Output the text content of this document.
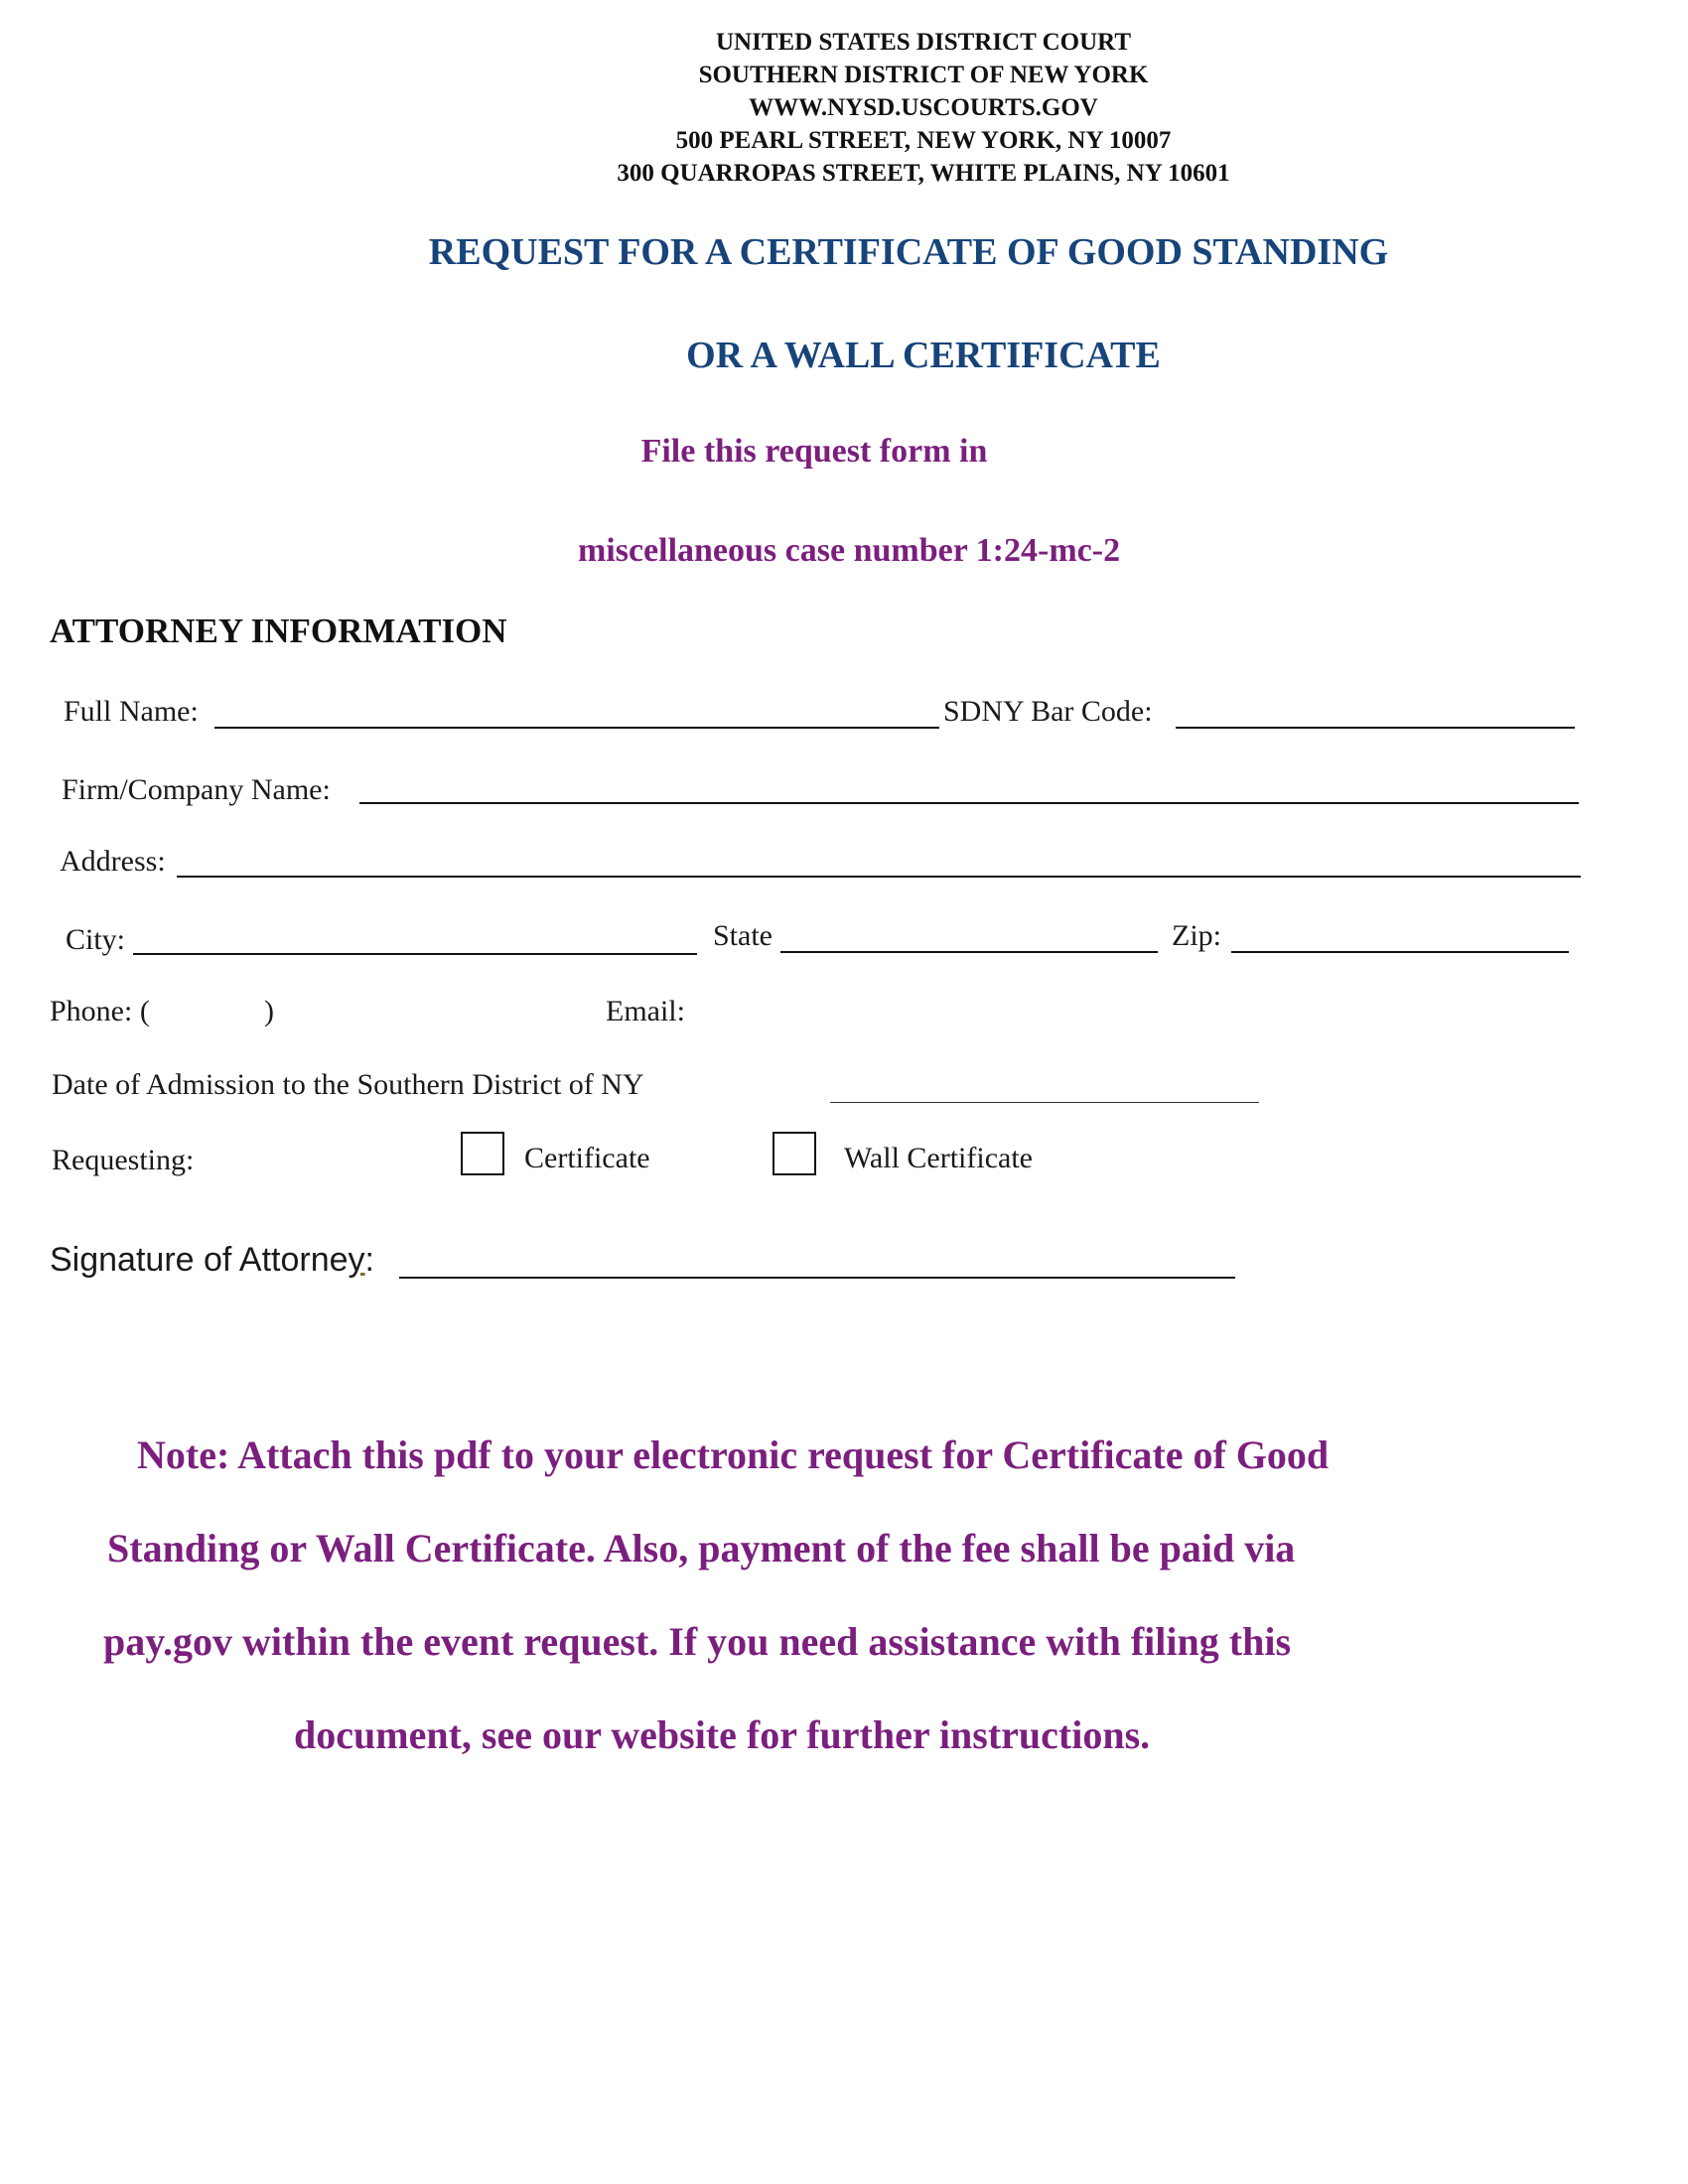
UNITED STATES DISTRICT COURT
SOUTHERN DISTRICT OF NEW YORK
WWW.NYSD.USCOURTS.GOV
500 PEARL STREET, NEW YORK, NY 10007
300 QUARROPAS STREET, WHITE PLAINS, NY 10601
REQUEST FOR A CERTIFICATE OF GOOD STANDING
OR A WALL CERTIFICATE
File this request form in
miscellaneous case number 1:24-mc-2
ATTORNEY INFORMATION
Full Name:	SDNY Bar Code:
Firm/Company Name:
Address:
City:	State	Zip:
Phone: (	)	Email:
Date of Admission to the Southern District of NY
Requesting:	Certificate	Wall Certificate
Signature of Attorney:
Note: Attach this pdf to your electronic request for Certificate of Good
Standing or Wall Certificate. Also, payment of the fee shall be paid via
pay.gov within the event request. If you need assistance with filing this
document, see our website for further instructions.
